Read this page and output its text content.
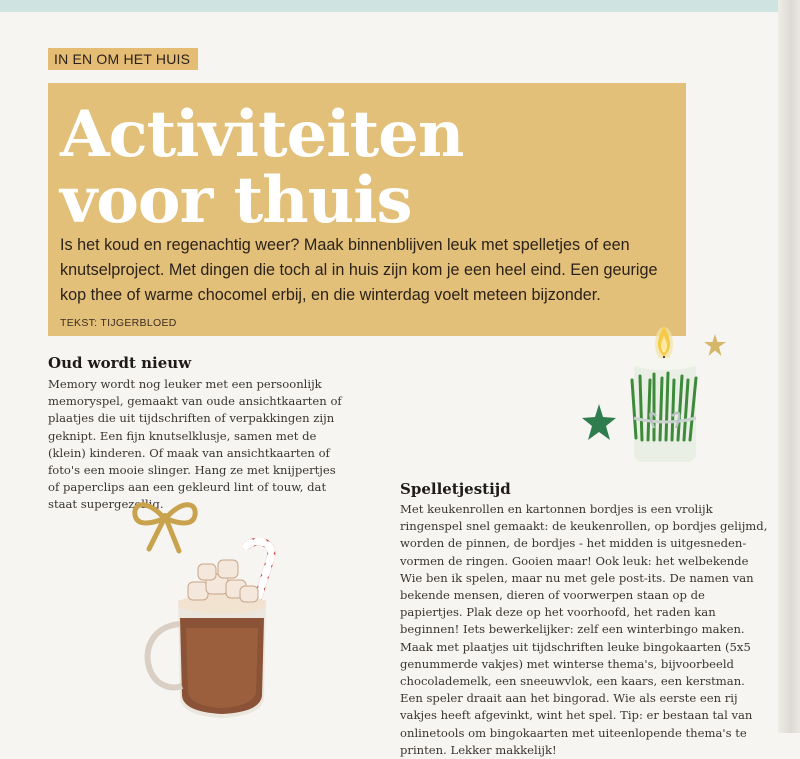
IN EN OM HET HUIS
Activiteiten
voor thuis
Is het koud en regenachtig weer? Maak binnenblijven leuk met spelletjes of een knutselproject. Met dingen die toch al in huis zijn kom je een heel eind. Een geurige kop thee of warme chocomel erbij, en die winterdag voelt meteen bijzonder.
TEKST: TIJGERBLOED
Oud wordt nieuw
Memory wordt nog leuker met een persoonlijk memoryspel, gemaakt van oude ansichtkaarten of plaatjes die uit tijdschriften of verpakkingen zijn geknipt. Een fijn knutselklusje, samen met de (klein) kinderen. Of maak van ansichtkaarten of foto's een mooie slinger. Hang ze met knijpertjes of paperclips aan een gekleurd lint of touw, dat staat supergezellig.
Spelletjestijd
Met keukenrollen en kartonnen bordjes is een vrolijk ringenspel snel gemaakt: de keukenrollen, op bordjes gelijmd, worden de pinnen, de bordjes - het midden is uitgesneden- vormen de ringen. Gooien maar! Ook leuk: het welbekende Wie ben ik spelen, maar nu met gele post-its. De namen van bekende mensen, dieren of voorwerpen staan op de papiertjes. Plak deze op het voorhoofd, het raden kan beginnen! Iets bewerkelijker: zelf een winterbingo maken. Maak met plaatjes uit tijdschriften leuke bingokaarten (5x5 genummerde vakjes) met winterse thema's, bijvoorbeeld chocolademelk, een sneeuwvlok, een kaars, een kerstman. Een speler draait aan het bingorad. Wie als eerste een rij vakjes heeft afgevinkt, wint het spel. Tip: er bestaan tal van onlinetools om bingokaarten met uiteenlopende thema's te printen. Lekker makkelijk!
